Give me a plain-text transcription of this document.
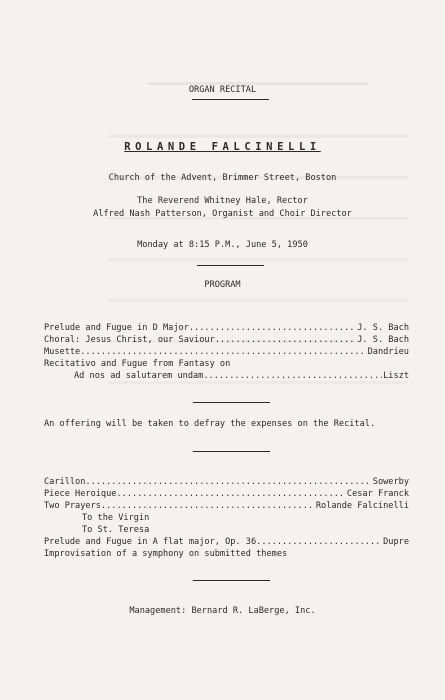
ORGAN RECITAL
ROLANDE FALCINELLI
Church of the Advent, Brimmer Street, Boston
The Reverend Whitney Hale, Rector
Alfred Nash Patterson, Organist and Choir Director
Monday at 8:15 P.M., June 5, 1950
PROGRAM
Prelude and Fugue in D Major	J. S. Bach
.....
Choral: Jesus Christ, our Saviour	J. S. Bach
.....
Musette	Dandrieu
.....
Recitativo and Fugue from Fantasy on
Ad nos ad salutarem undam	Liszt
.....
An offering will be taken to defray the expenses on the Recital.
Carillon	Sowerby
.....
Piece Heroique	Cesar Franck
.....
Two Prayers	Rolande Falcinelli
.....
To the Virgin
To St. Teresa
Prelude and Fugue in A flat major, Op. 36	Dupre
.....
Improvisation of a symphony on submitted themes
Management: Bernard R. LaBerge, Inc.
